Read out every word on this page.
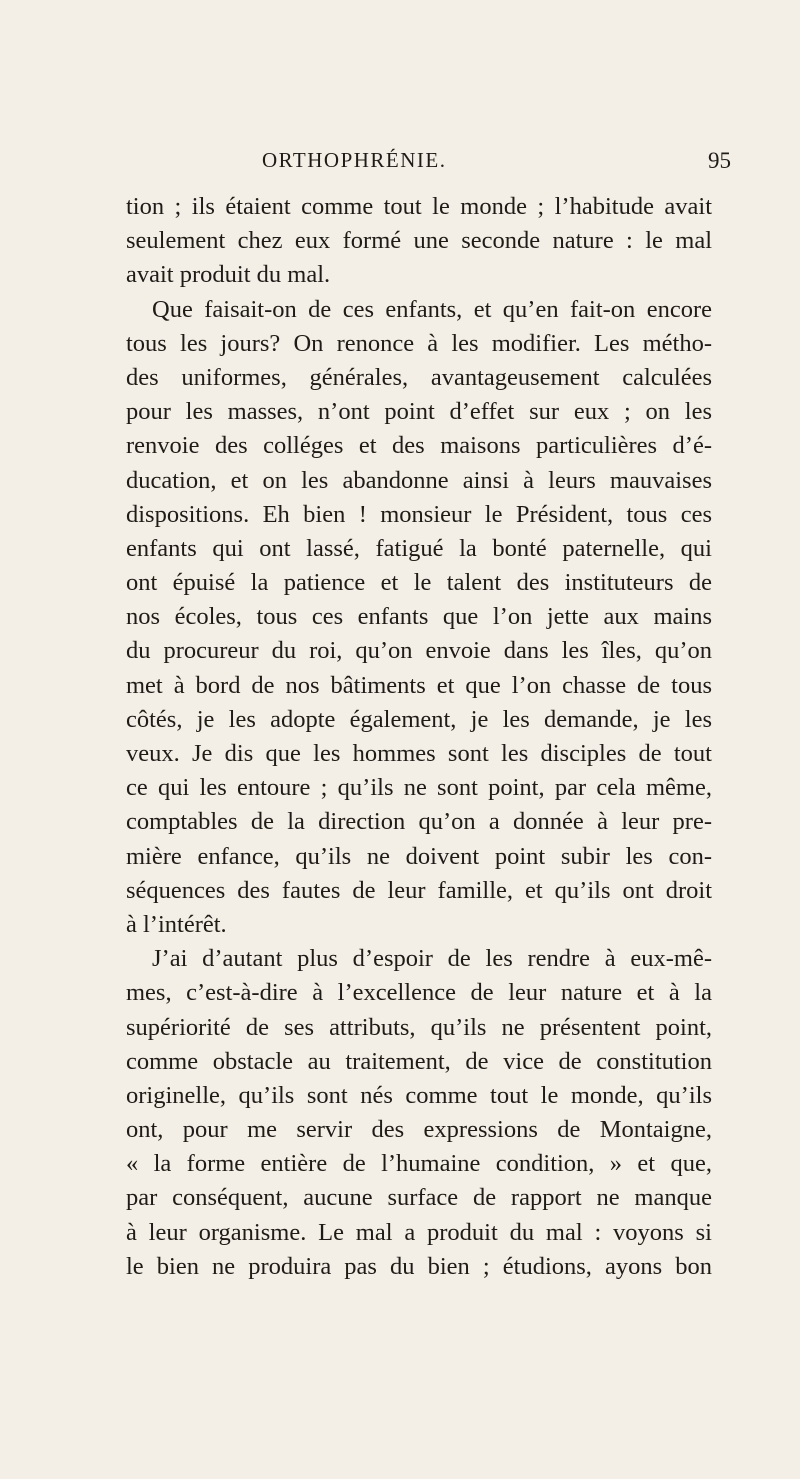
ORTHOPHRÉNIE.	95
tion ; ils étaient comme tout le monde ; l’habitude avait
seulement chez eux formé une seconde nature : le mal
avait produit du mal.
Que faisait-on de ces enfants, et qu’en fait-on encore
tous les jours? On renonce à les modifier. Les métho-
des uniformes, générales, avantageusement calculées
pour les masses, n’ont point d’effet sur eux ; on les
renvoie des colléges et des maisons particulières d’é-
ducation, et on les abandonne ainsi à leurs mauvaises
dispositions. Eh bien ! monsieur le Président, tous ces
enfants qui ont lassé, fatigué la bonté paternelle, qui
ont épuisé la patience et le talent des instituteurs de
nos écoles, tous ces enfants que l’on jette aux mains
du procureur du roi, qu’on envoie dans les îles, qu’on
met à bord de nos bâtiments et que l’on chasse de tous
côtés, je les adopte également, je les demande, je les
veux. Je dis que les hommes sont les disciples de tout
ce qui les entoure ; qu’ils ne sont point, par cela même,
comptables de la direction qu’on a donnée à leur pre-
mière enfance, qu’ils ne doivent point subir les con-
séquences des fautes de leur famille, et qu’ils ont droit
à l’intérêt.
J’ai d’autant plus d’espoir de les rendre à eux-mê-
mes, c’est-à-dire à l’excellence de leur nature et à la
supériorité de ses attributs, qu’ils ne présentent point,
comme obstacle au traitement, de vice de constitution
originelle, qu’ils sont nés comme tout le monde, qu’ils
ont, pour me servir des expressions de Montaigne,
« la forme entière de l’humaine condition, » et que,
par conséquent, aucune surface de rapport ne manque
à leur organisme. Le mal a produit du mal : voyons si
le bien ne produira pas du bien ; étudions, ayons bon
